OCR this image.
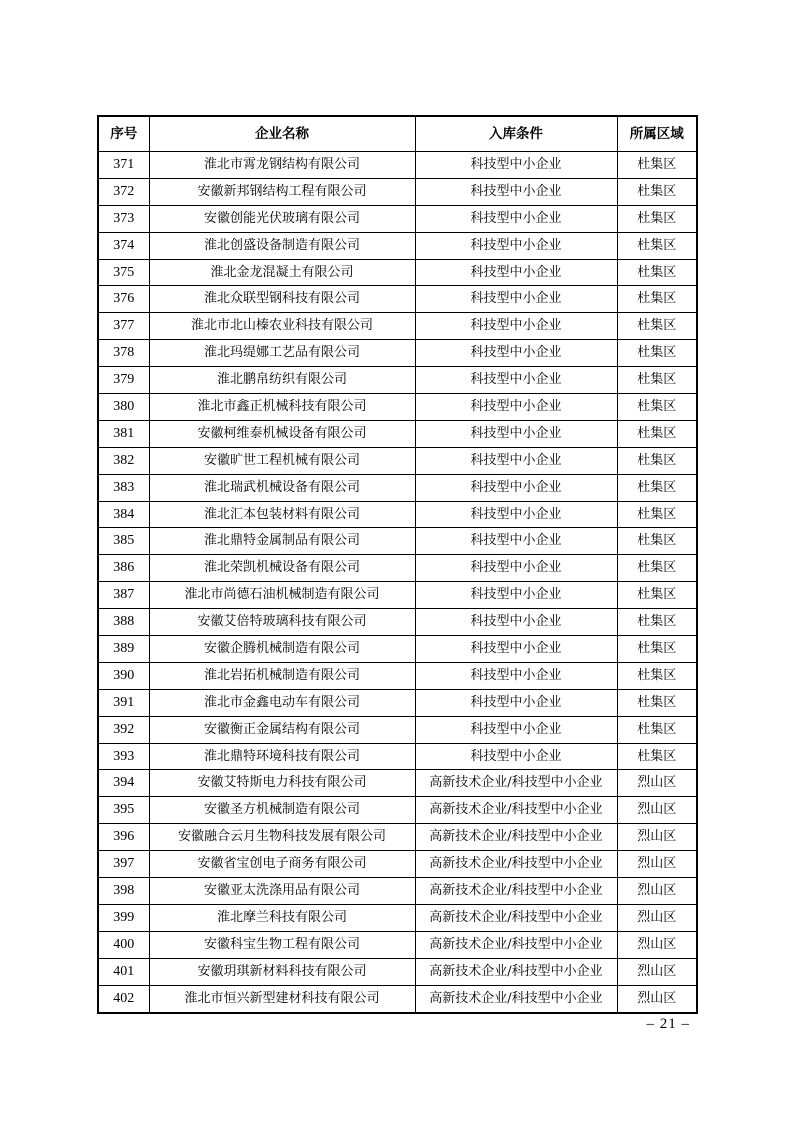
序号	企业名称	入库条件	所属区域
371	淮北市霄龙钢结构有限公司	科技型中小企业	杜集区
372	安徽新邦钢结构工程有限公司	科技型中小企业	杜集区
373	安徽创能光伏玻璃有限公司	科技型中小企业	杜集区
374	淮北创盛设备制造有限公司	科技型中小企业	杜集区
375	淮北金龙混凝土有限公司	科技型中小企业	杜集区
376	淮北众联型钢科技有限公司	科技型中小企业	杜集区
377	淮北市北山榛农业科技有限公司	科技型中小企业	杜集区
378	淮北玛缇娜工艺品有限公司	科技型中小企业	杜集区
379	淮北鹏帛纺织有限公司	科技型中小企业	杜集区
380	淮北市鑫正机械科技有限公司	科技型中小企业	杜集区
381	安徽柯维泰机械设备有限公司	科技型中小企业	杜集区
382	安徽旷世工程机械有限公司	科技型中小企业	杜集区
383	淮北瑞武机械设备有限公司	科技型中小企业	杜集区
384	淮北汇本包装材料有限公司	科技型中小企业	杜集区
385	淮北鼎特金属制品有限公司	科技型中小企业	杜集区
386	淮北荣凯机械设备有限公司	科技型中小企业	杜集区
387	淮北市尚德石油机械制造有限公司	科技型中小企业	杜集区
388	安徽艾倍特玻璃科技有限公司	科技型中小企业	杜集区
389	安徽企腾机械制造有限公司	科技型中小企业	杜集区
390	淮北岩拓机械制造有限公司	科技型中小企业	杜集区
391	淮北市金鑫电动车有限公司	科技型中小企业	杜集区
392	安徽衡正金属结构有限公司	科技型中小企业	杜集区
393	淮北鼎特环境科技有限公司	科技型中小企业	杜集区
394	安徽艾特斯电力科技有限公司	高新技术企业/科技型中小企业	烈山区
395	安徽圣方机械制造有限公司	高新技术企业/科技型中小企业	烈山区
396	安徽融合云月生物科技发展有限公司	高新技术企业/科技型中小企业	烈山区
397	安徽省宝创电子商务有限公司	高新技术企业/科技型中小企业	烈山区
398	安徽亚太洗涤用品有限公司	高新技术企业/科技型中小企业	烈山区
399	淮北摩兰科技有限公司	高新技术企业/科技型中小企业	烈山区
400	安徽科宝生物工程有限公司	高新技术企业/科技型中小企业	烈山区
401	安徽玥琪新材料科技有限公司	高新技术企业/科技型中小企业	烈山区
402	淮北市恒兴新型建材科技有限公司	高新技术企业/科技型中小企业	烈山区
– 21 –
